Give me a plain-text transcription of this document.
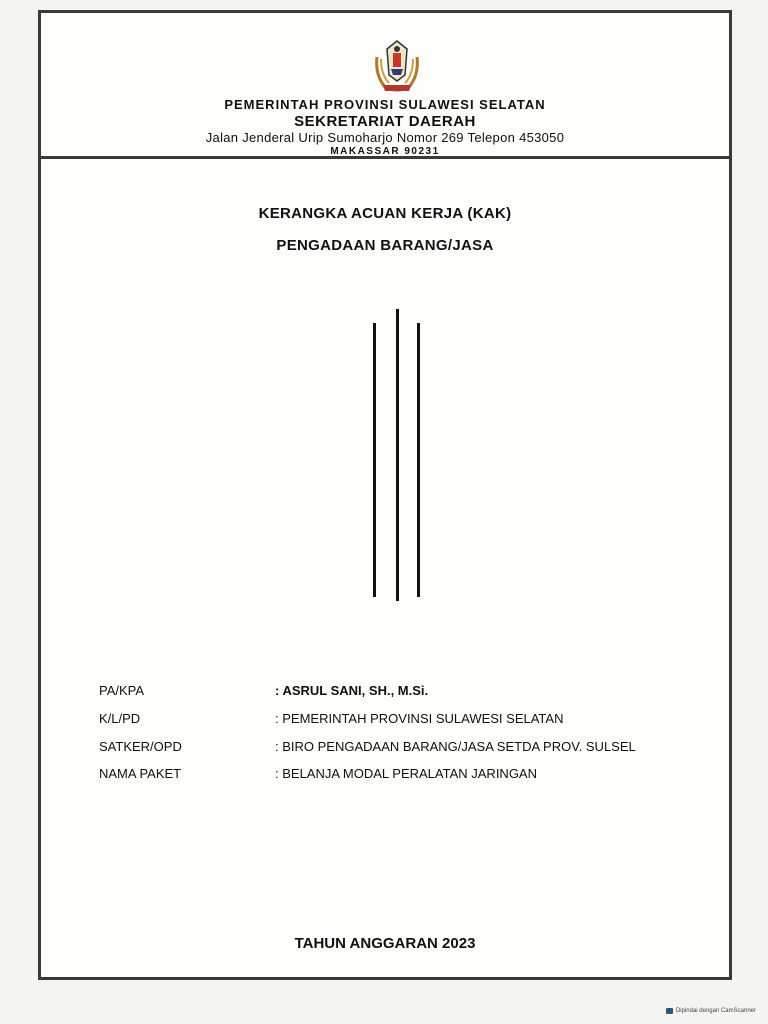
PEMERINTAH PROVINSI SULAWESI SELATAN
SEKRETARIAT DAERAH
Jalan Jenderal Urip Sumoharjo Nomor 269 Telepon 453050
MAKASSAR 90231
KERANGKA ACUAN KERJA (KAK)
PENGADAAN BARANG/JASA
PA/KPA	: ASRUL SANI, SH., M.Si.
K/L/PD	: PEMERINTAH PROVINSI SULAWESI SELATAN
SATKER/OPD	: BIRO PENGADAAN BARANG/JASA SETDA PROV. SULSEL
NAMA PAKET	: BELANJA MODAL PERALATAN JARINGAN
TAHUN ANGGARAN 2023
Dipindai dengan CamScanner
